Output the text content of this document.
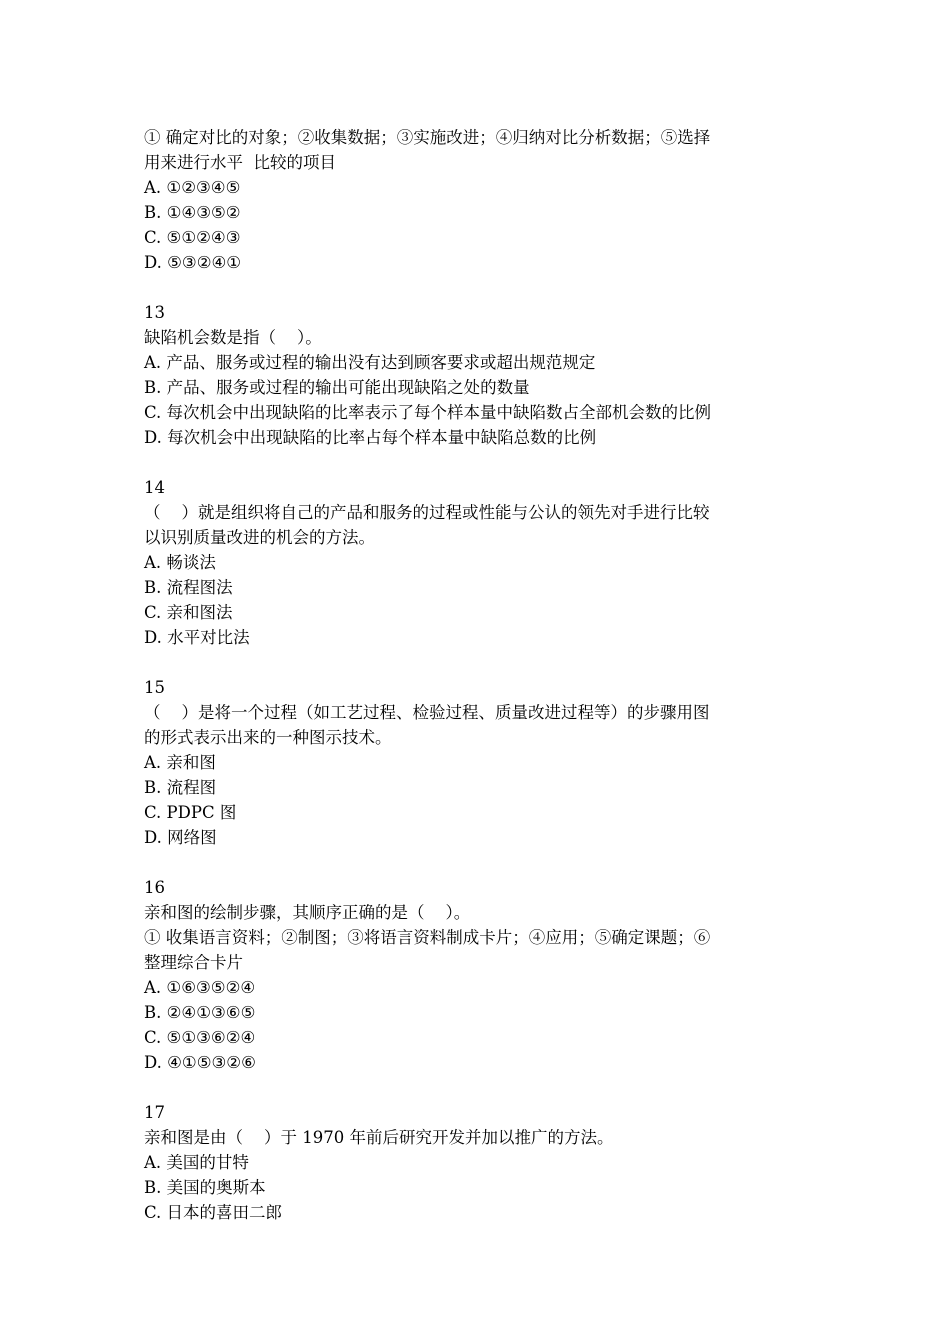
① 确定对比的对象；②收集数据；③实施改进；④归纳对比分析数据；⑤选择
用来进行水平  比较的项目
A. ①②③④⑤
B. ①④③⑤②
C. ⑤①②④③
D. ⑤③②④①
13
缺陷机会数是指（    ）。
A. 产品、服务或过程的输出没有达到顾客要求或超出规范规定
B. 产品、服务或过程的输出可能出现缺陷之处的数量
C. 每次机会中出现缺陷的比率表示了每个样本量中缺陷数占全部机会数的比例
D. 每次机会中出现缺陷的比率占每个样本量中缺陷总数的比例
14
（    ）就是组织将自己的产品和服务的过程或性能与公认的领先对手进行比较
以识别质量改进的机会的方法。
A. 畅谈法
B. 流程图法
C. 亲和图法
D. 水平对比法
15
（    ）是将一个过程（如工艺过程、检验过程、质量改进过程等）的步骤用图
的形式表示出来的一种图示技术。
A. 亲和图
B. 流程图
C. PDPC 图
D. 网络图
16
亲和图的绘制步骤，其顺序正确的是（    ）。
① 收集语言资料；②制图；③将语言资料制成卡片；④应用；⑤确定课题；⑥
整理综合卡片
A. ①⑥③⑤②④
B. ②④①③⑥⑤
C. ⑤①③⑥②④
D. ④①⑤③②⑥
17
亲和图是由（    ）于 1970 年前后研究开发并加以推广的方法。
A. 美国的甘特
B. 美国的奥斯本
C. 日本的喜田二郎
